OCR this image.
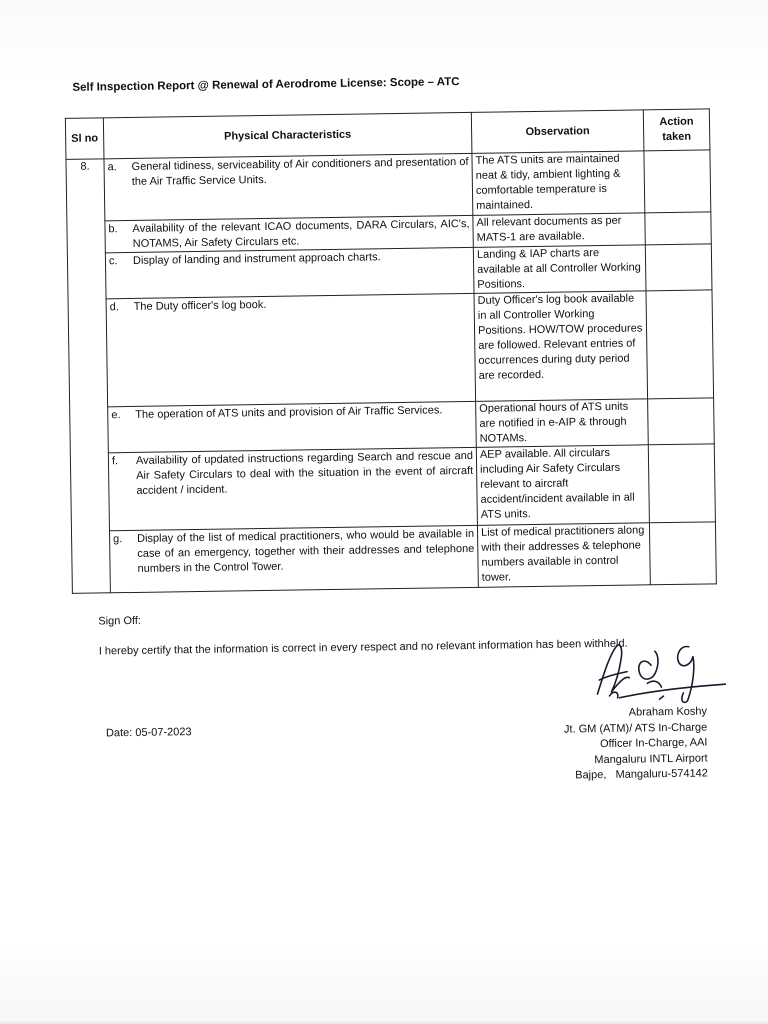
Self Inspection Report @ Renewal of Aerodrome License: Scope – ATC
Sl no	Physical Characteristics	Observation	Action taken
8.	a. General tidiness, serviceability of Air conditioners and presentation of the Air Traffic Service Units.	The ATS units are maintained neat & tidy, ambient lighting & comfortable temperature is maintained.	

	b. Availability of the relevant ICAO documents, DARA Circulars, AIC's, NOTAMS, Air Safety Circulars etc.	All relevant documents as per MATS-1 are available.	

	c. Display of landing and instrument approach charts.	Landing & IAP charts are available at all Controller Working Positions.	

	d. The Duty officer's log book.	Duty Officer's log book available in all Controller Working Positions. HOW/TOW procedures are followed. Relevant entries of occurrences during duty period are recorded.	

	e. The operation of ATS units and provision of Air Traffic Services.	Operational hours of ATS units are notified in e-AIP & through NOTAMs.	

	f. Availability of updated instructions regarding Search and rescue and Air Safety Circulars to deal with the situation in the event of aircraft accident / incident.	AEP available. All circulars including Air Safety Circulars relevant to aircraft accident/incident available in all ATS units.	

	g. Display of the list of medical practitioners, who would be available in case of an emergency, together with their addresses and telephone numbers in the Control Tower.	List of medical practitioners along with their addresses & telephone numbers available in control tower.	
Sign Off:
I hereby certify that the information is correct in every respect and no relevant information has been withheld.
Date: 05-07-2023
Abraham Koshy
Jt. GM (ATM)/ ATS In-Charge
Officer In-Charge, AAI
Mangaluru INTL Airport
Bajpe,   Mangaluru-574142
